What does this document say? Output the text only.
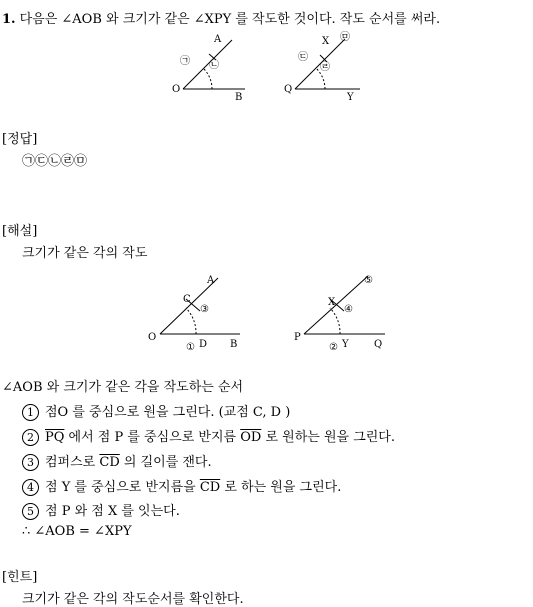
1. 다음은 ∠AOB 와 크기가 같은 ∠XPY 를 작도한 것이다. 작도 순서를 써라.
A
O
B
㉠ ㉡
X
Q
Y
㉢
㉣
㉤
A
O
B
C
D
①
③
X
P
Q
Y
②
④
⑤
[정답]
㉠㉢㉡㉣㉤
[해설]
크기가 같은 각의 작도
∠AOB 와 크기가 같은 각을 작도하는 순서
1 점O 를 중심으로 원을 그린다. (교점 C, D )
2 $\overline{PQ}$ 에서 점 P 를 중심으로 반지름 $\overline{OD}$ 로 원하는 원을 그린다.
3 컴퍼스로 $\overline{CD}$ 의 길이를 잰다.
4 점 Y 를 중심으로 반지름을 $\overline{CD}$ 로 하는 원을 그린다.
5 점 P 와 점 X 를 잇는다.
∴ ∠AOB = ∠XPY
[힌트]
크기가 같은 각의 작도순서를 확인한다.
